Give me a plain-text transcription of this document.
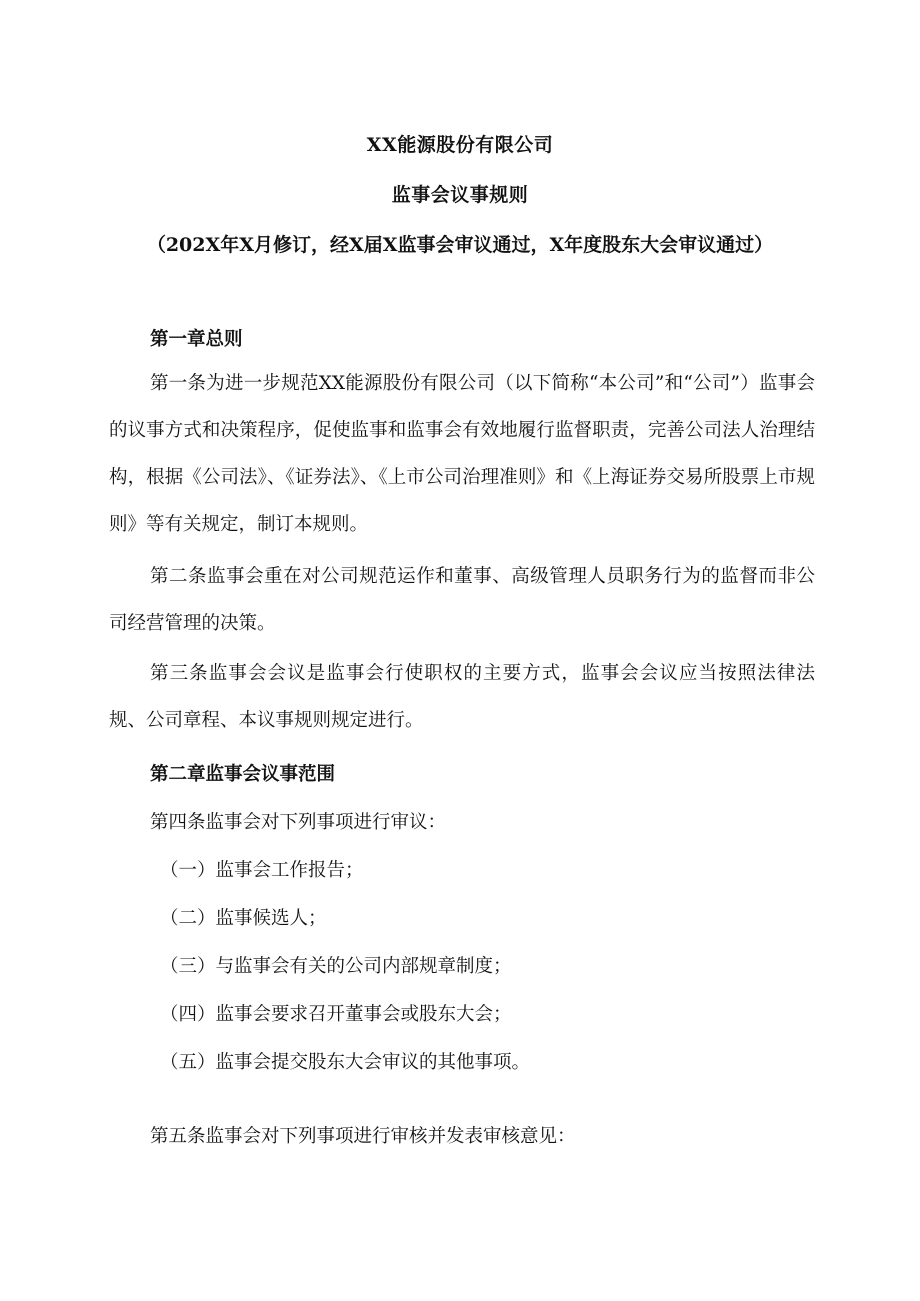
XX能源股份有限公司
监事会议事规则
（202X年X月修订，经X届X监事会审议通过，X年度股东大会审议通过）
第一章总则

第一条为进一步规范XX能源股份有限公司（以下简称“本公司”和“公司”）监事会的议事方式和决策程序，促使监事和监事会有效地履行监督职责，完善公司法人治理结构，根据《公司法》、《证券法》、《上市公司治理准则》和《上海证券交易所股票上市规则》等有关规定，制订本规则。

第二条监事会重在对公司规范运作和董事、高级管理人员职务行为的监督而非公司经营管理的决策。

第三条监事会会议是监事会行使职权的主要方式，监事会会议应当按照法律法规、公司章程、本议事规则规定进行。

第二章监事会议事范围
第四条监事会对下列事项进行审议：
（一）监事会工作报告；
（二）监事候选人；
（三）与监事会有关的公司内部规章制度；
（四）监事会要求召开董事会或股东大会；
（五）监事会提交股东大会审议的其他事项。
第五条监事会对下列事项进行审核并发表审核意见：
